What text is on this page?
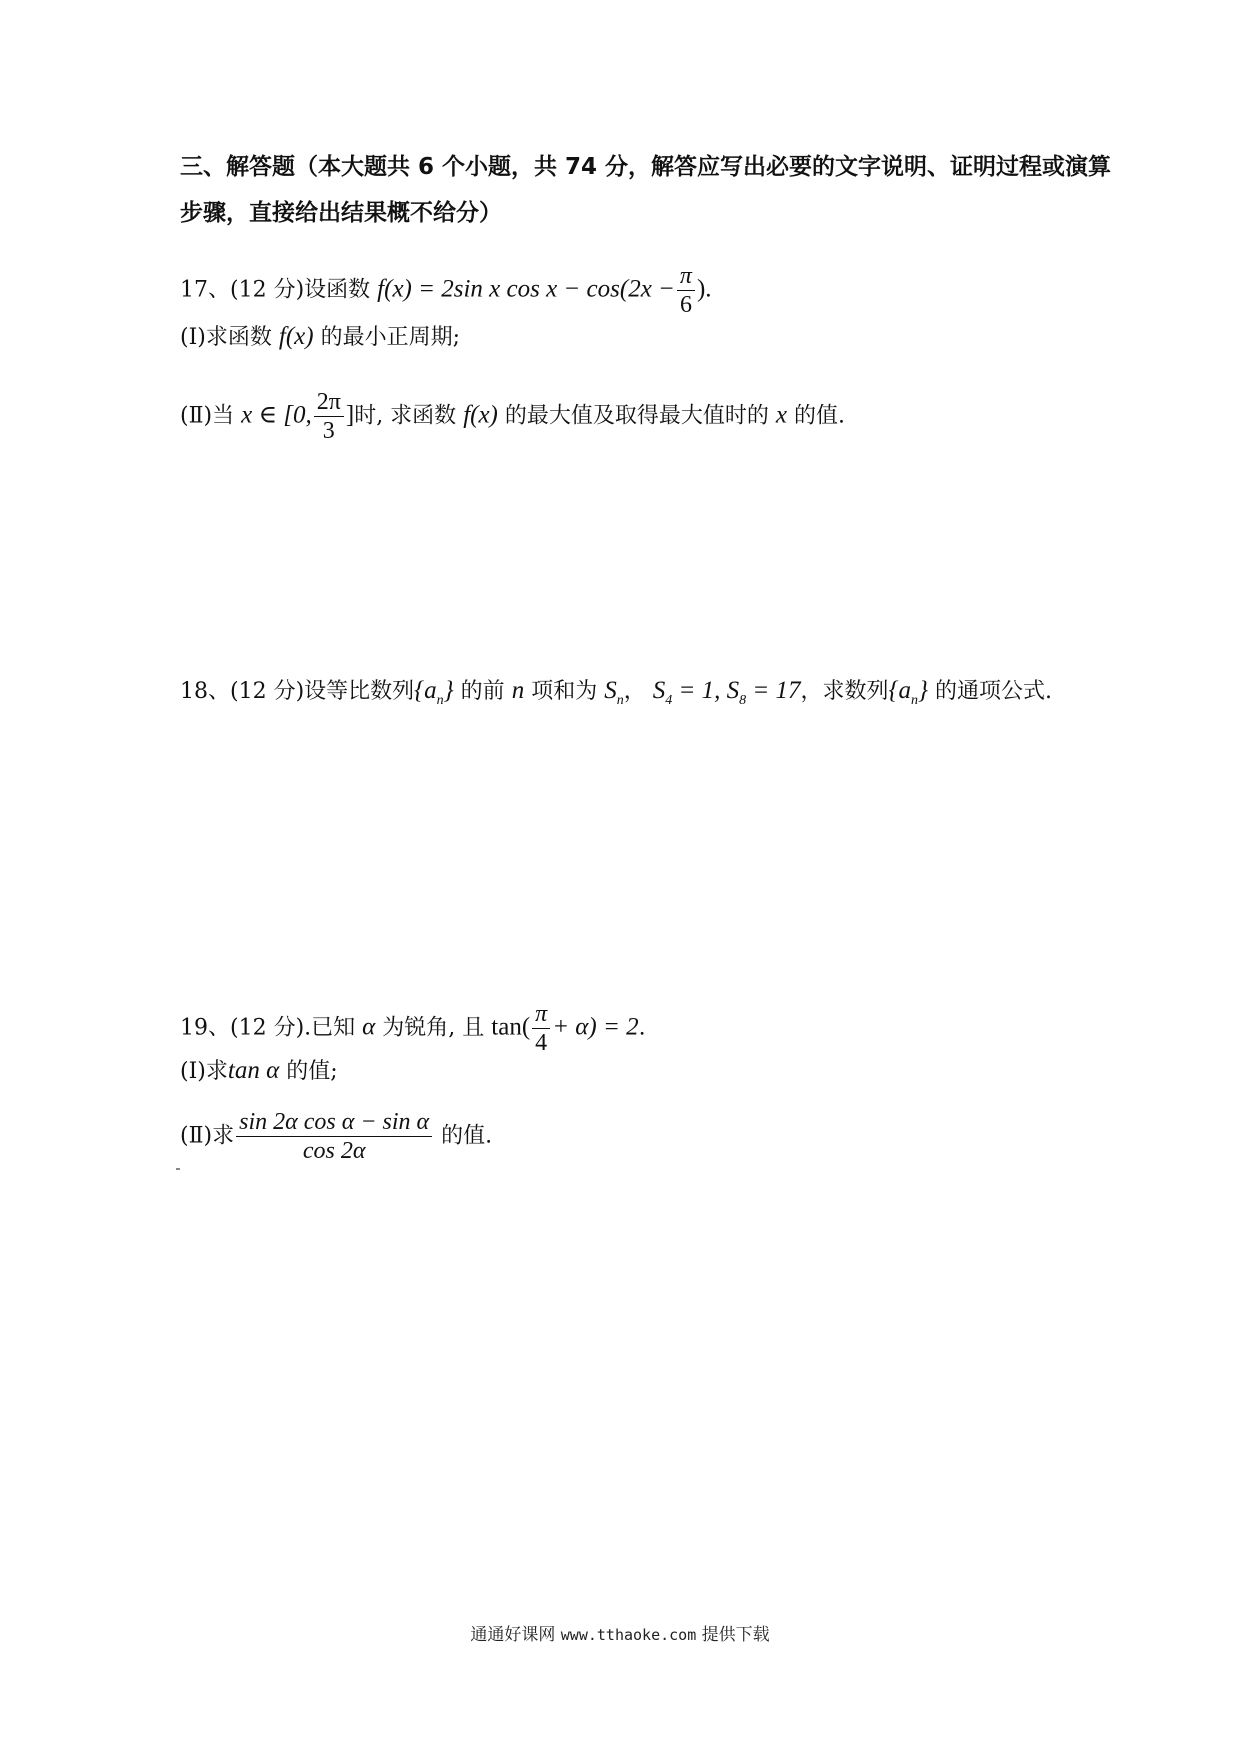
三、解答题（本大题共 6 个小题，共 74 分，解答应写出必要的文字说明、证明过程或演算
步骤，直接给出结果概不给分）
17、(12 分)设函数 f(x) = 2sin x $\cos x - \cos(2x - \frac{\pi}{6}$ ).
(Ⅰ)求函数 f(x) 的最小正周期;
(Ⅱ)当 x ∈ [0, $\frac{2\pi}{3}$ ]时, 求函数 f(x) 的最大值及取得最大值时的 x 的值.
18、(12 分)设等比数列$\{a_n\}$ 的前 n 项和为 $S_n$， $S_4 = 1$, $S_8 = 17$，求数列$\{a_n\}$ 的通项公式.
19、(12 分).已知 α 为锐角, 且 $\tan( \frac{\pi}{4} + \alpha) = 2$.
(Ⅰ)求tan α 的值;
(Ⅱ)求 $\frac{\text{sin 2α cos α − sin α}}{\cos 2\alpha}$ 的值.
通通好课网 www.tthaoke.com 提供下载
